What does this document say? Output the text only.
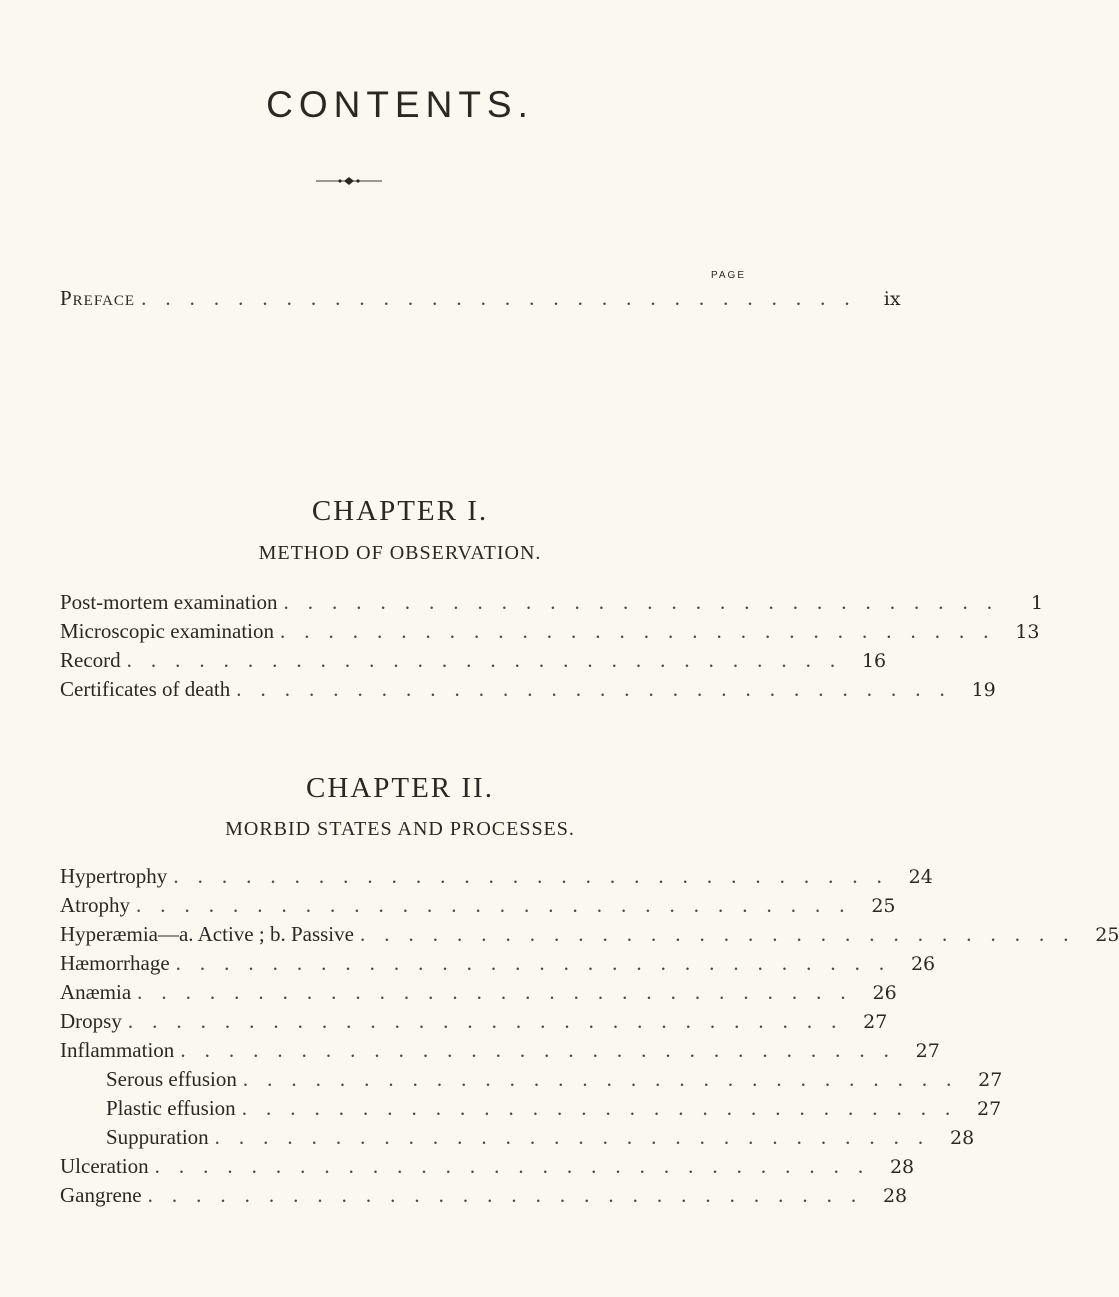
CONTENTS.
PAGE
Preface .............................. ix
CHAPTER I.
METHOD OF OBSERVATION.
Post-mortem examination ..............................	1
Microscopic examination .............................. 13
Record .............................. 16
Certificates of death .............................. 19
CHAPTER II.
MORBID STATES AND PROCESSES.
Hypertrophy .............................. 24
Atrophy .............................. 25
Hyperæmia—a. Active ; b. Passive .............................. 25
Hæmorrhage .............................. 26
Anæmia .............................. 26
Dropsy .............................. 27
Inflammation .............................. 27
Serous effusion .............................. 27
Plastic effusion .............................. 27
Suppuration .............................. 28
Ulceration .............................. 28
Gangrene .............................. 28
